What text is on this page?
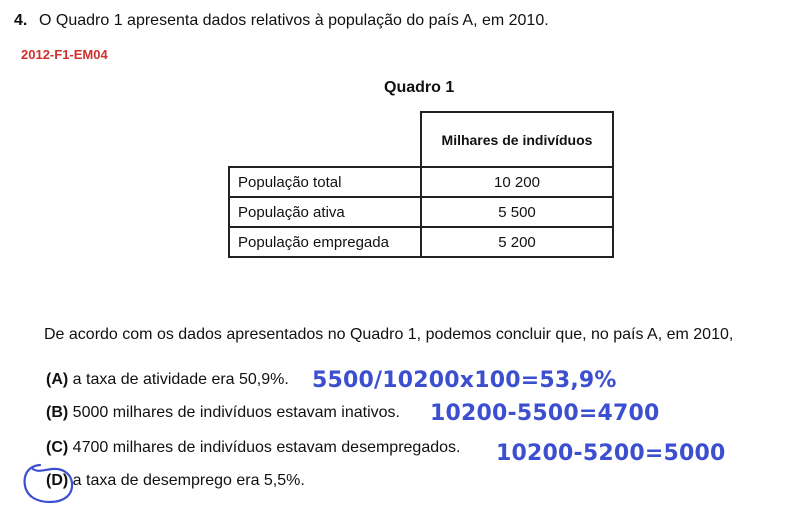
4. O Quadro 1 apresenta dados relativos à população do país A, em 2010.
2012-F1-EM04
Quadro 1
	Milhares de indivíduos
População total	10 200
População ativa	5 500
População empregada	5 200
De acordo com os dados apresentados no Quadro 1, podemos concluir que, no país A, em 2010,
(A) a taxa de atividade era 50,9%. 5500/10200x100=53,9%
(B) 5000 milhares de indivíduos estavam inativos. 10200-5500=4700
(C) 4700 milhares de indivíduos estavam desempregados. 10200-5200=5000
(D) a taxa de desemprego era 5,5%.
